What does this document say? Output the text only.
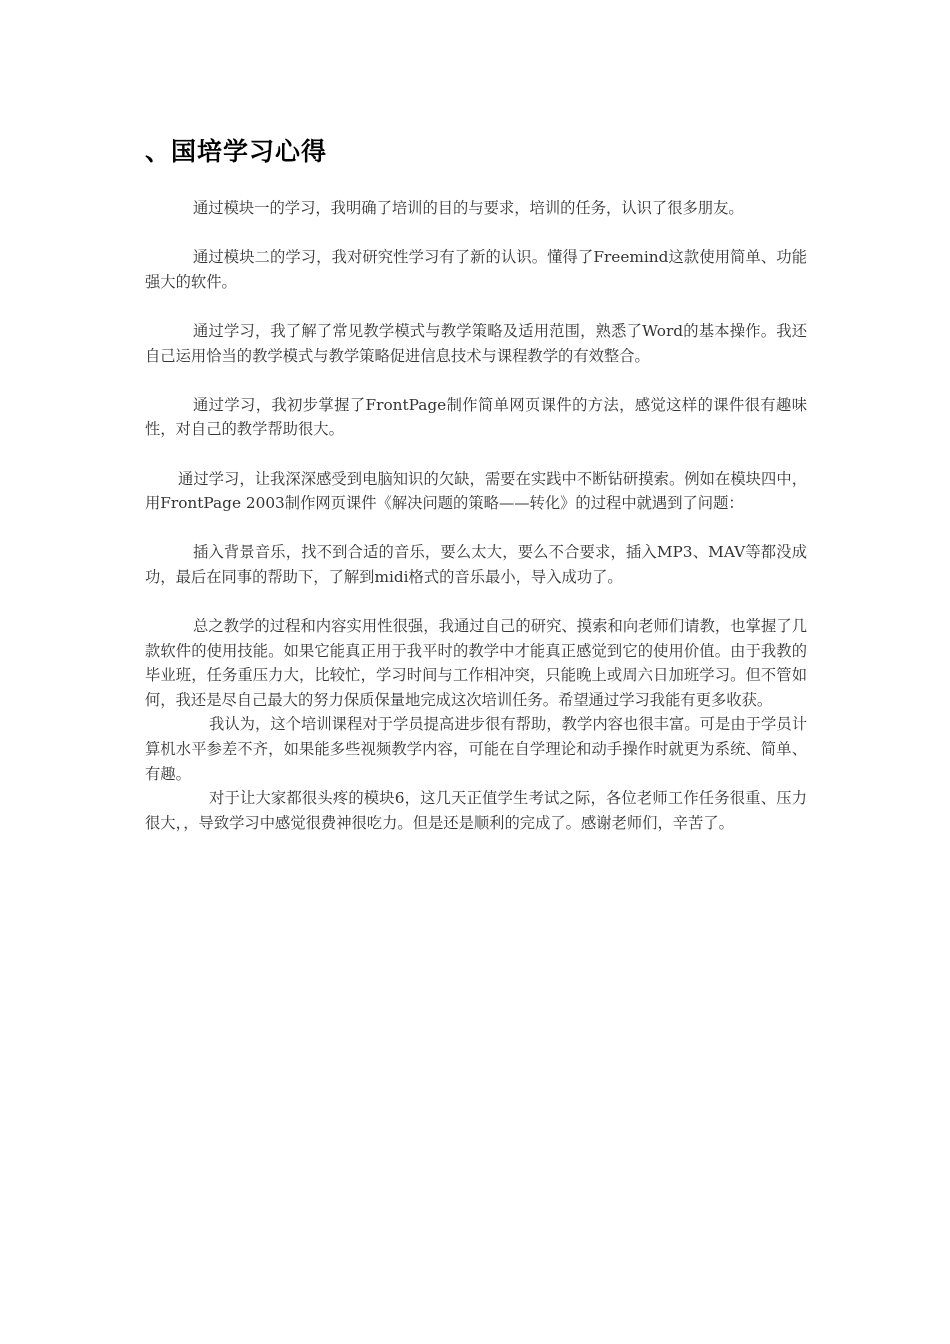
、国培学习心得

通过模块一的学习，我明确了培训的目的与要求，培训的任务，认识了很多朋友。

通过模块二的学习，我对研究性学习有了新的认识。懂得了Freemind这款使用简单、功能强大的软件。

通过学习，我了解了常见教学模式与教学策略及适用范围，熟悉了Word的基本操作。我还自己运用恰当的教学模式与教学策略促进信息技术与课程教学的有效整合。

通过学习，我初步掌握了FrontPage制作简单网页课件的方法，感觉这样的课件很有趣味性，对自己的教学帮助很大。

通过学习，让我深深感受到电脑知识的欠缺，需要在实践中不断钻研摸索。例如在模块四中，用FrontPage 2003制作网页课件《解决问题的策略——转化》的过程中就遇到了问题：

插入背景音乐，找不到合适的音乐，要么太大，要么不合要求，插入MP3、MAV等都没成功，最后在同事的帮助下，了解到midi格式的音乐最小，导入成功了。

总之教学的过程和内容实用性很强，我通过自己的研究、摸索和向老师们请教，也掌握了几款软件的使用技能。如果它能真正用于我平时的教学中才能真正感觉到它的使用价值。由于我教的毕业班，任务重压力大，比较忙，学习时间与工作相冲突，只能晚上或周六日加班学习。但不管如何，我还是尽自己最大的努力保质保量地完成这次培训任务。希望通过学习我能有更多收获。

我认为，这个培训课程对于学员提高进步很有帮助，教学内容也很丰富。可是由于学员计算机水平参差不齐，如果能多些视频教学内容，可能在自学理论和动手操作时就更为系统、简单、有趣。

对于让大家都很头疼的模块6，这几天正值学生考试之际，各位老师工作任务很重、压力很大，，导致学习中感觉很费神很吃力。但是还是顺利的完成了。感谢老师们，辛苦了。
